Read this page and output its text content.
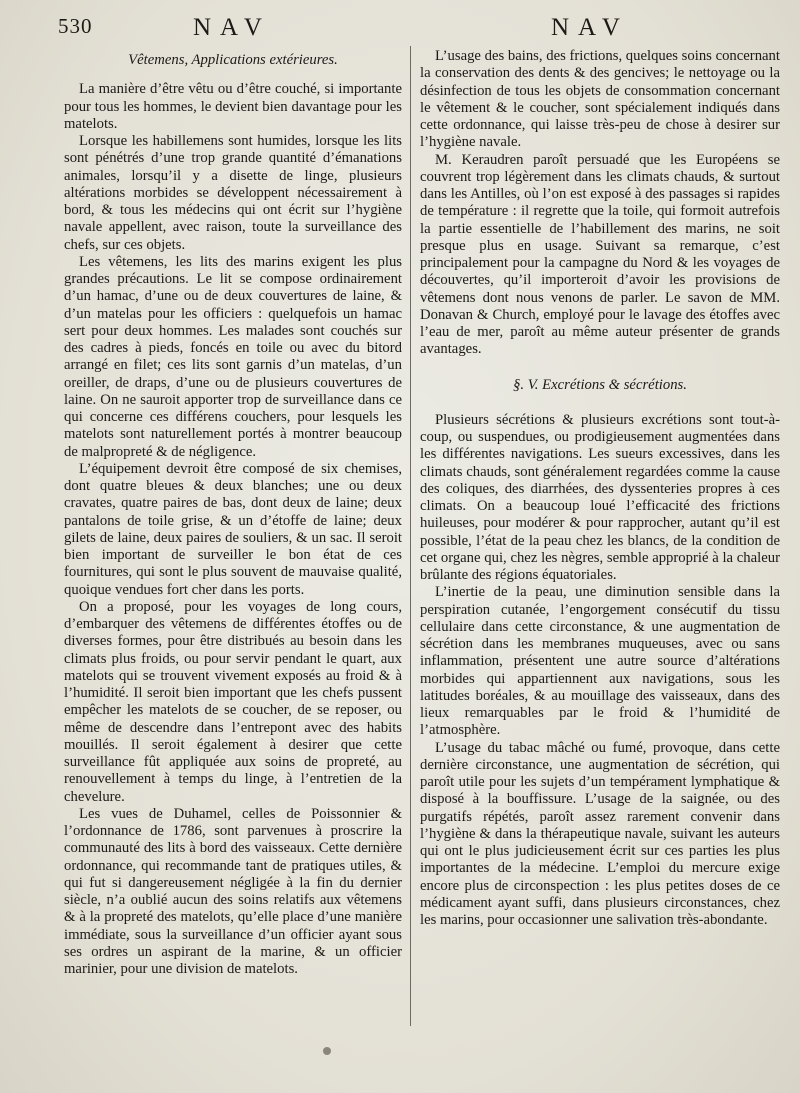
530	NAV	NAV
Vêtemens, Applications extérieures.

La manière d’être vêtu ou d’être couché, si importante pour tous les hommes, le devient bien davantage pour les matelots.

Lorsque les habillemens sont humides, lorsque les lits sont pénétrés d’une trop grande quantité d’émanations animales, lorsqu’il y a disette de linge, plusieurs altérations morbides se développent nécessairement à bord, & tous les médecins qui ont écrit sur l’hygiène navale appellent, avec raison, toute la surveillance des chefs, sur ces objets.

Les vêtemens, les lits des marins exigent les plus grandes précautions. Le lit se compose ordinairement d’un hamac, d’une ou de deux couvertures de laine, & d’un matelas pour les officiers : quelquefois un hamac sert pour deux hommes. Les malades sont couchés sur des cadres à pieds, foncés en toile ou avec du bitord arrangé en filet; ces lits sont garnis d’un matelas, d’un oreiller, de draps, d’une ou de plusieurs couvertures de laine. On ne sauroit apporter trop de surveillance dans ce qui concerne ces différens couchers, pour lesquels les matelots sont naturellement portés à montrer beaucoup de malpropreté & de négligence.

L’équipement devroit être composé de six chemises, dont quatre bleues & deux blanches; une ou deux cravates, quatre paires de bas, dont deux de laine; deux pantalons de toile grise, & un d’étoffe de laine; deux gilets de laine, deux paires de souliers, & un sac. Il seroit bien important de surveiller le bon état de ces fournitures, qui sont le plus souvent de mauvaise qualité, quoique vendues fort cher dans les ports.

On a proposé, pour les voyages de long cours, d’embarquer des vêtemens de différentes étoffes ou de diverses formes, pour être distribués au besoin dans les climats plus froids, ou pour servir pendant le quart, aux matelots qui se trouvent vivement exposés au froid & à l’humidité. Il seroit bien important que les chefs pussent empêcher les matelots de se coucher, de se reposer, ou même de descendre dans l’entrepont avec des habits mouillés. Il seroit également à desirer que cette surveillance fût appliquée aux soins de propreté, au renouvellement à temps du linge, à l’entretien de la chevelure.

Les vues de Duhamel, celles de Poissonnier & l’ordonnance de 1786, sont parvenues à proscrire la communauté des lits à bord des vaisseaux. Cette dernière ordonnance, qui recommande tant de pratiques utiles, & qui fut si dangereusement négligée à la fin du dernier siècle, n’a oublié aucun des soins relatifs aux vêtemens & à la propreté des matelots, qu’elle place d’une manière immédiate, sous la surveillance d’un officier ayant sous ses ordres un aspirant de la marine, & un officier marinier, pour une division de matelots.

L’usage des bains, des frictions, quelques soins concernant la conservation des dents & des gencives; le nettoyage ou la désinfection de tous les objets de consommation concernant le vêtement & le coucher, sont spécialement indiqués dans cette ordonnance, qui laisse très-peu de chose à desirer sur l’hygiène navale.

M. Keraudren paroît persuadé que les Européens se couvrent trop légèrement dans les climats chauds, & surtout dans les Antilles, où l’on est exposé à des passages si rapides de température : il regrette que la toile, qui formoit autrefois la partie essentielle de l’habillement des marins, ne soit presque plus en usage. Suivant sa remarque, c’est principalement pour la campagne du Nord & les voyages de découvertes, qu’il importeroit d’avoir les provisions de vêtemens dont nous venons de parler. Le savon de MM. Donavan & Church, employé pour le lavage des étoffes avec l’eau de mer, paroît au même auteur présenter de grands avantages.

§. V. Excrétions & sécrétions.

Plusieurs sécrétions & plusieurs excrétions sont tout-à-coup, ou suspendues, ou prodigieusement augmentées dans les différentes navigations. Les sueurs excessives, dans les climats chauds, sont généralement regardées comme la cause des coliques, des diarrhées, des dyssenteries propres à ces climats. On a beaucoup loué l’efficacité des frictions huileuses, pour modérer & pour rapprocher, autant qu’il est possible, l’état de la peau chez les blancs, de la condition de cet organe qui, chez les nègres, semble approprié à la chaleur brûlante des régions équatoriales.

L’inertie de la peau, une diminution sensible dans la perspiration cutanée, l’engorgement consécutif du tissu cellulaire dans cette circonstance, & une augmentation de sécrétion dans les membranes muqueuses, avec ou sans inflammation, présentent une autre source d’altérations morbides qui appartiennent aux navigations, sous les latitudes boréales, & au mouillage des vaisseaux, dans des lieux remarquables par le froid & l’humidité de l’atmosphère.

L’usage du tabac mâché ou fumé, provoque, dans cette dernière circonstance, une augmentation de sécrétion, qui paroît utile pour les sujets d’un tempérament lymphatique & disposé à la bouffissure. L’usage de la saignée, ou des purgatifs répétés, paroît assez rarement convenir dans l’hygiène & dans la thérapeutique navale, suivant les auteurs qui ont le plus judicieusement écrit sur ces parties les plus importantes de la médecine. L’emploi du mercure exige encore plus de circonspection : les plus petites doses de ce médicament ayant suffi, dans plusieurs circonstances, chez les marins, pour occasionner une salivation très-abondante.
